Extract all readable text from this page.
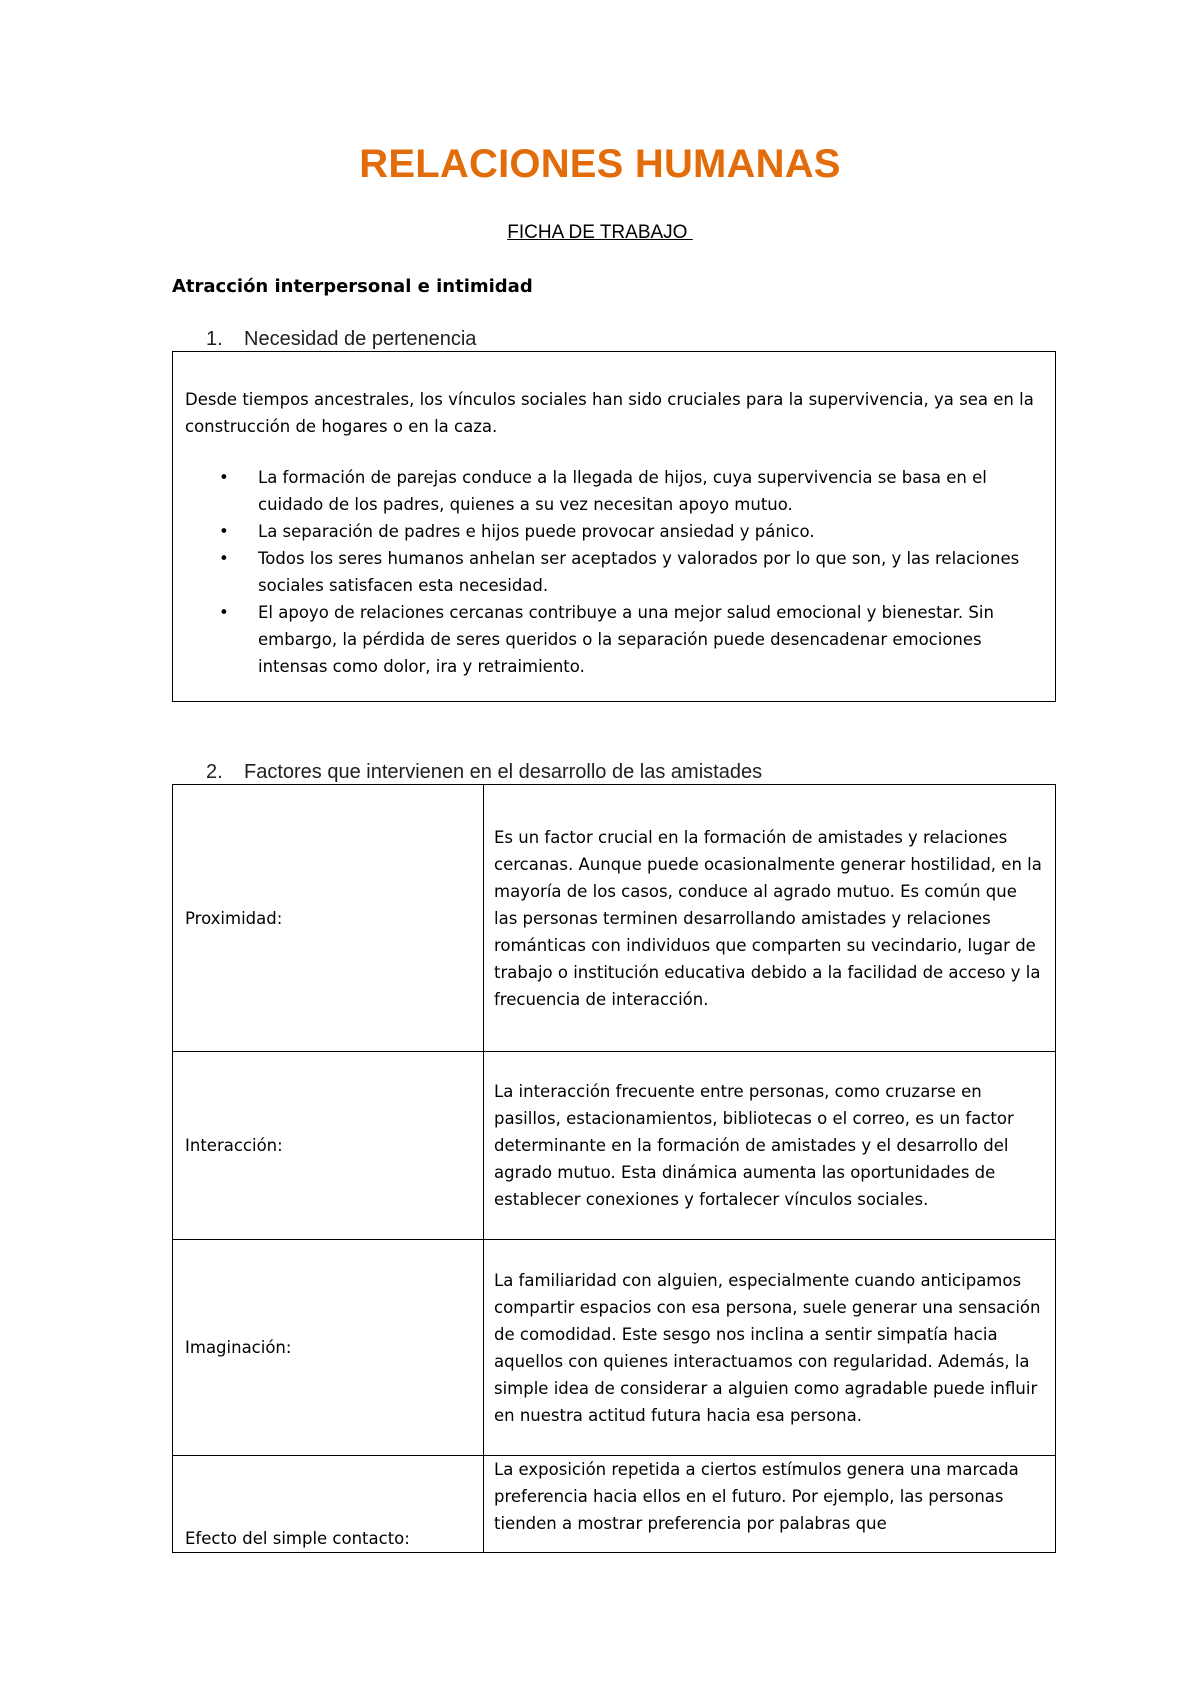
RELACIONES HUMANAS

FICHA DE TRABAJO

Atracción interpersonal e intimidad

1. Necesidad de pertenencia

Desde tiempos ancestrales, los vínculos sociales han sido cruciales para la supervivencia, ya sea en la construcción de hogares o en la caza.

• La formación de parejas conduce a la llegada de hijos, cuya supervivencia se basa en el cuidado de los padres, quienes a su vez necesitan apoyo mutuo.
• La separación de padres e hijos puede provocar ansiedad y pánico.
• Todos los seres humanos anhelan ser aceptados y valorados por lo que son, y las relaciones sociales satisfacen esta necesidad.
• El apoyo de relaciones cercanas contribuye a una mejor salud emocional y bienestar. Sin embargo, la pérdida de seres queridos o la separación puede desencadenar emociones intensas como dolor, ira y retraimiento.

2. Factores que intervienen en el desarrollo de las amistades

Proximidad:	Es un factor crucial en la formación de amistades y relaciones cercanas. Aunque puede ocasionalmente generar hostilidad, en la mayoría de los casos, conduce al agrado mutuo. Es común que las personas terminen desarrollando amistades y relaciones románticas con individuos que comparten su vecindario, lugar de trabajo o institución educativa debido a la facilidad de acceso y la frecuencia de interacción.
Interacción:	La interacción frecuente entre personas, como cruzarse en pasillos, estacionamientos, bibliotecas o el correo, es un factor determinante en la formación de amistades y el desarrollo del agrado mutuo. Esta dinámica aumenta las oportunidades de establecer conexiones y fortalecer vínculos sociales.
Imaginación:	La familiaridad con alguien, especialmente cuando anticipamos compartir espacios con esa persona, suele generar una sensación de comodidad. Este sesgo nos inclina a sentir simpatía hacia aquellos con quienes interactuamos con regularidad. Además, la simple idea de considerar a alguien como agradable puede influir en nuestra actitud futura hacia esa persona.
Efecto del simple contacto:	La exposición repetida a ciertos estímulos genera una marcada preferencia hacia ellos en el futuro. Por ejemplo, las personas tienden a mostrar preferencia por palabras que
